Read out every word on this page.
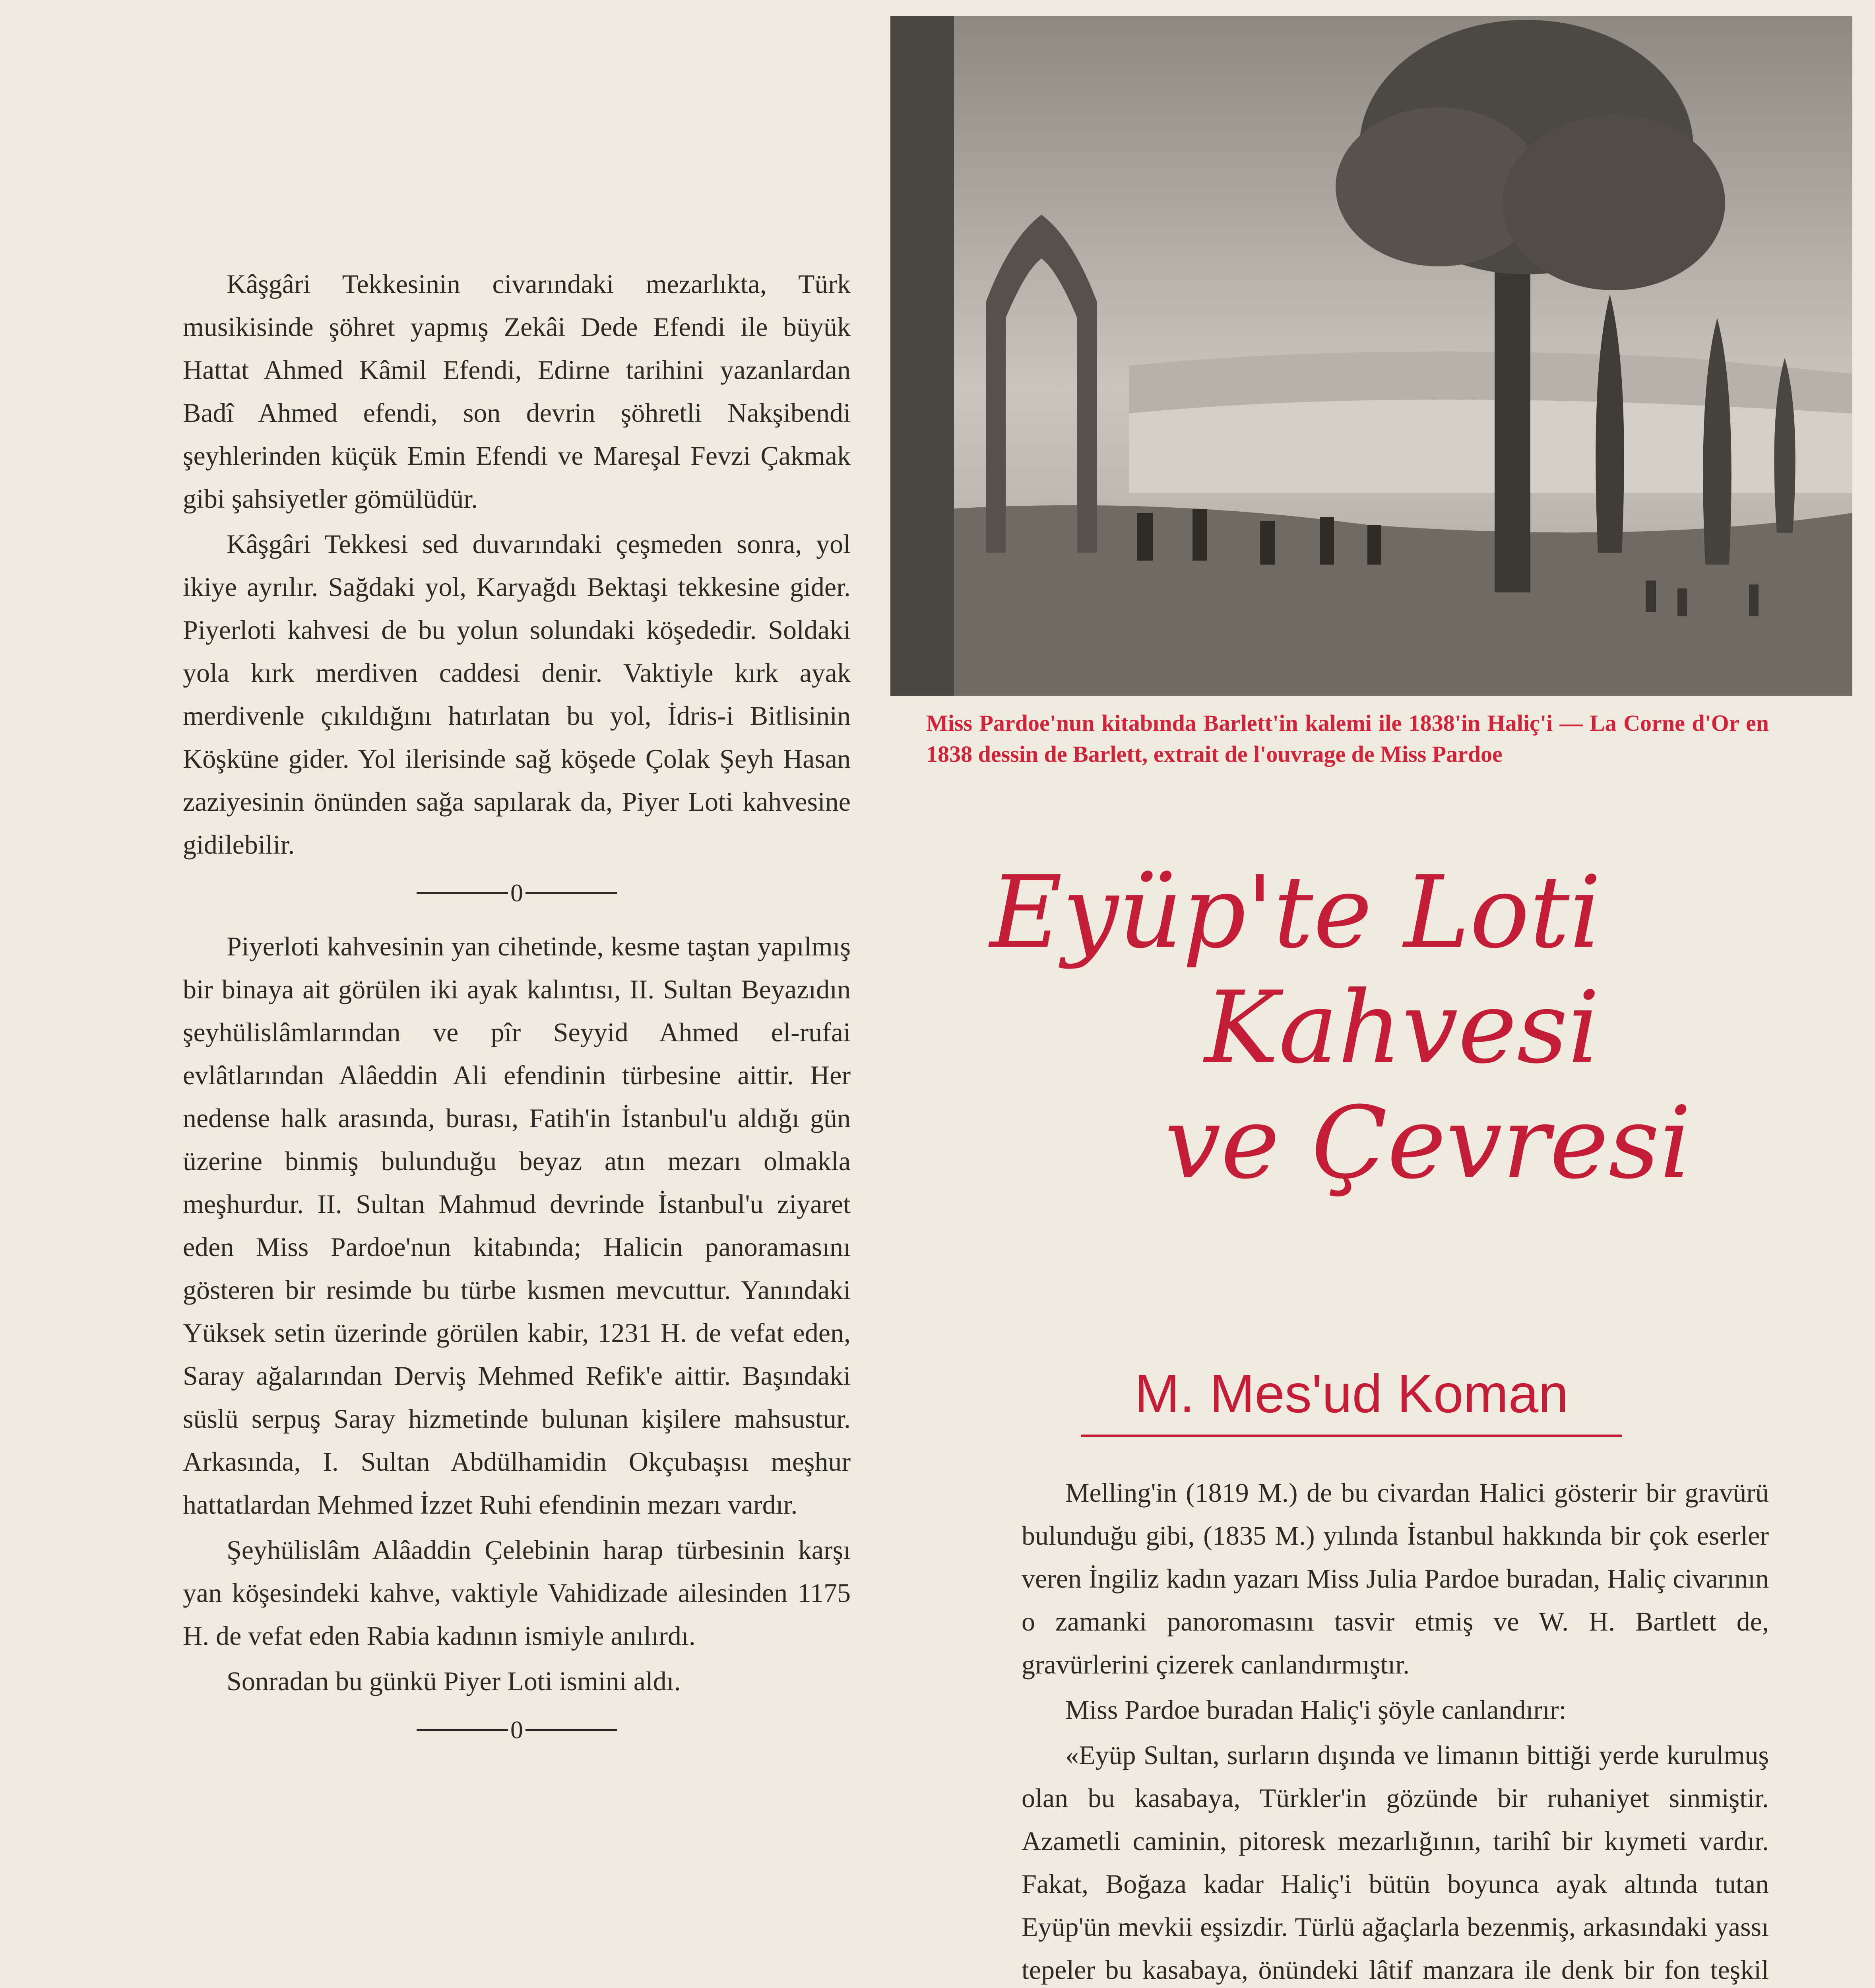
Kâşgâri Tekkesinin civarındaki mezarlıkta, Türk musikisinde şöhret yapmış Zekâi Dede Efendi ile büyük Hattat Ahmed Kâmil Efendi, Edirne tarihini yazanlardan Badî Ahmed efendi, son devrin şöhretli Nakşibendi şeyhlerinden küçük Emin Efendi ve Mareşal Fevzi Çakmak gibi şahsiyetler gömülüdür.

Kâşgâri Tekkesi sed duvarındaki çeşmeden sonra, yol ikiye ayrılır. Sağdaki yol, Karyağdı Bektaşi tekkesine gider. Piyerloti kahvesi de bu yolun solundaki köşededir. Soldaki yola kırk merdiven caddesi denir. Vaktiyle kırk ayak merdivenle çıkıldığını hatırlatan bu yol, İdris-i Bitlisinin Köşküne gider. Yol ilerisinde sağ köşede Çolak Şeyh Hasan zaziyesinin önünden sağa sapılarak da, Piyer Loti kahvesine gidilebilir.

0

Piyerloti kahvesinin yan cihetinde, kesme taştan yapılmış bir binaya ait görülen iki ayak kalıntısı, II. Sultan Beyazıdın şeyhülislâmlarından ve pîr Seyyid Ahmed el-rufai evlâtlarından Alâeddin Ali efendinin türbesine aittir. Her nedense halk arasında, burası, Fatih'in İstanbul'u aldığı gün üzerine binmiş bulunduğu beyaz atın mezarı olmakla meşhurdur. II. Sultan Mahmud devrinde İstanbul'u ziyaret eden Miss Pardoe'nun kitabında; Halicin panoramasını gösteren bir resimde bu türbe kısmen mevcuttur. Yanındaki Yüksek setin üzerinde görülen kabir, 1231 H. de vefat eden, Saray ağalarından Derviş Mehmed Refik'e aittir. Başındaki süslü serpuş Saray hizmetinde bulunan kişilere mahsustur. Arkasında, I. Sultan Abdülhamidin Okçubaşısı meşhur hattatlardan Mehmed İzzet Ruhi efendinin mezarı vardır.

Şeyhülislâm Alâaddin Çelebinin harap türbesinin karşı yan köşesindeki kahve, vaktiyle Vahidizade ailesinden 1175 H. de vefat eden Rabia kadının ismiyle anılırdı.

Sonradan bu günkü Piyer Loti ismini aldı.

0
Miss Pardoe'nun kitabında Barlett'in kalemi ile 1838'in Haliç'i — La Corne d'Or en 1838 dessin de Barlett, extrait de l'ouvrage de Miss Pardoe
Eyüp'te Loti
Kahvesi
ve Çevresi
M. Mes'ud Koman

Melling'in (1819 M.) de bu civardan Halici gösterir bir gravürü bulunduğu gibi, (1835 M.) yılında İstanbul hakkında bir çok eserler veren İngiliz kadın yazarı Miss Julia Pardoe buradan, Haliç civarının o zamanki panoromasını tasvir etmiş ve W. H. Bartlett de, gravürlerini çizerek canlandırmıştır.

Miss Pardoe buradan Haliç'i şöyle canlandırır:

«Eyüp Sultan, surların dışında ve limanın bittiği yerde kurulmuş olan bu kasabaya, Türkler'in gözünde bir ruhaniyet sinmiştir. Azametli caminin, pitoresk mezarlığının, tarihî bir kıymeti vardır. Fakat, Boğaza kadar Haliç'i bütün boyunca ayak altında tutan Eyüp'ün mevkii eşsizdir. Türlü ağaçlarla bezenmiş, arkasındaki yassı tepeler bu kasabaya, önündeki lâtif manzara ile denk bir fon teşkil
